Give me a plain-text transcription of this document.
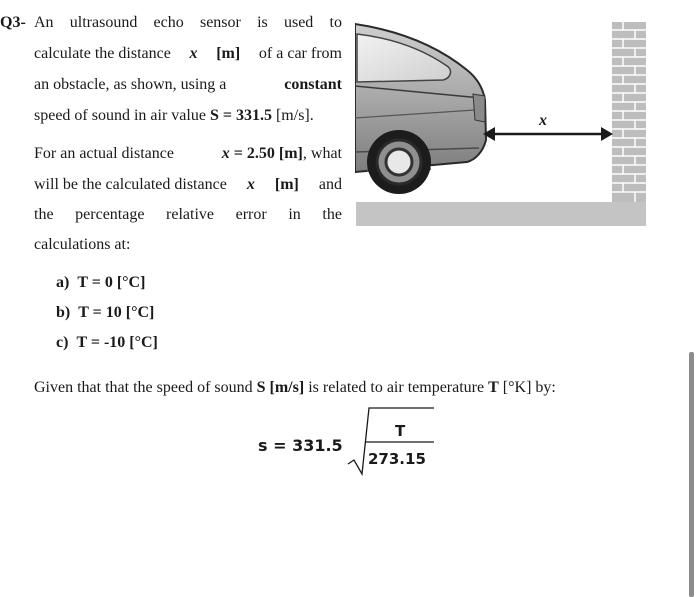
Q3- An ultrasound echo sensor is used to
calculate the distance x [m] of a car from
an obstacle, as shown, using a	constant
speed of sound in air value S = 331.5 [m/s].
For an actual distance	x = 2.50 [m], what
will be the calculated distance x [m] and
the percentage relative error in the
calculations at:
a) T = 0 [°C]
b) T = 10 [°C]
c) T = -10 [°C]
Given that that the speed of sound S [m/s] is related to air temperature T [°K] by:
s = 331.5
T
273.15
x
